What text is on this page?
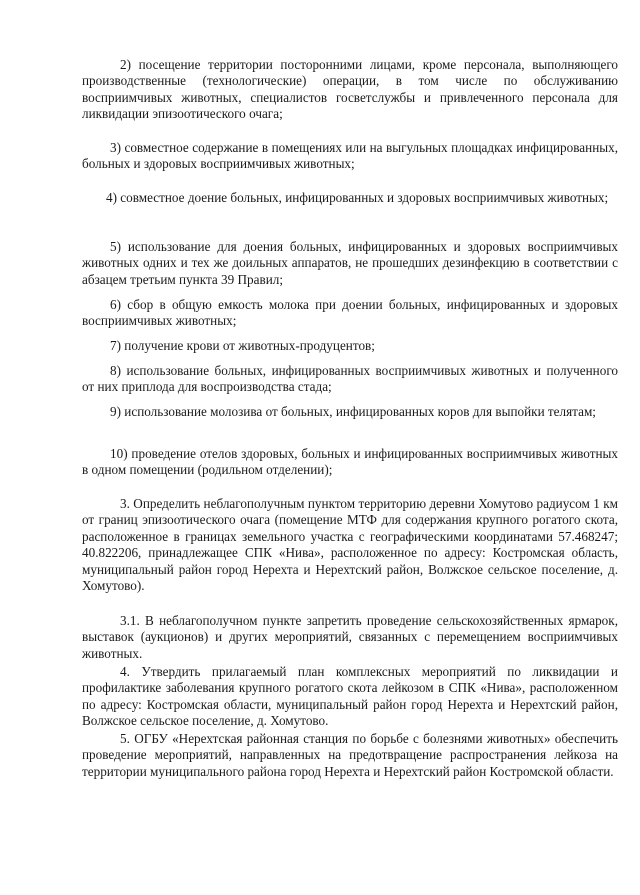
2) посещение территории посторонними лицами, кроме персонала, выполняющего производственные (технологические) операции, в том числе по обслуживанию восприимчивых животных, специалистов госветслужбы и привлеченного персонала для ликвидации эпизоотического очага;

3) совместное содержание в помещениях или на выгульных площадках инфицированных, больных и здоровых восприимчивых животных;

4) совместное доение больных, инфицированных и здоровых восприимчивых животных;

5) использование для доения больных, инфицированных и здоровых восприимчивых животных одних и тех же доильных аппаратов, не прошедших дезинфекцию в соответствии с абзацем третьим пункта 39 Правил;

6) сбор в общую емкость молока при доении больных, инфицированных и здоровых восприимчивых животных;

7) получение крови от животных-продуцентов;

8) использование больных, инфицированных восприимчивых животных и полученного от них приплода для воспроизводства стада;

9) использование молозива от больных, инфицированных коров для выпойки телятам;

10) проведение отелов здоровых, больных и инфицированных восприимчивых животных в одном помещении (родильном отделении);

3. Определить неблагополучным пунктом территорию деревни Хомутово радиусом 1 км от границ эпизоотического очага (помещение МТФ для содержания крупного рогатого скота, расположенное в границах земельного участка с географическими координатами 57.468247; 40.822206, принадлежащее СПК «Нива», расположенное по адресу: Костромская область, муниципальный район город Нерехта и Нерехтский район, Волжское сельское поселение, д. Хомутово).

3.1. В неблагополучном пункте запретить проведение сельскохозяйственных ярмарок, выставок (аукционов) и других мероприятий, связанных с перемещением восприимчивых животных.

4. Утвердить прилагаемый план комплексных мероприятий по ликвидации и профилактике заболевания крупного рогатого скота лейкозом в СПК «Нива», расположенном по адресу: Костромская области, муниципальный район город Нерехта и Нерехтский район, Волжское сельское поселение, д. Хомутово.

5. ОГБУ «Нерехтская районная станция по борьбе с болезнями животных» обеспечить проведение мероприятий, направленных на предотвращение распространения лейкоза на территории муниципального района город Нерехта и Нерехтский район Костромской области.
